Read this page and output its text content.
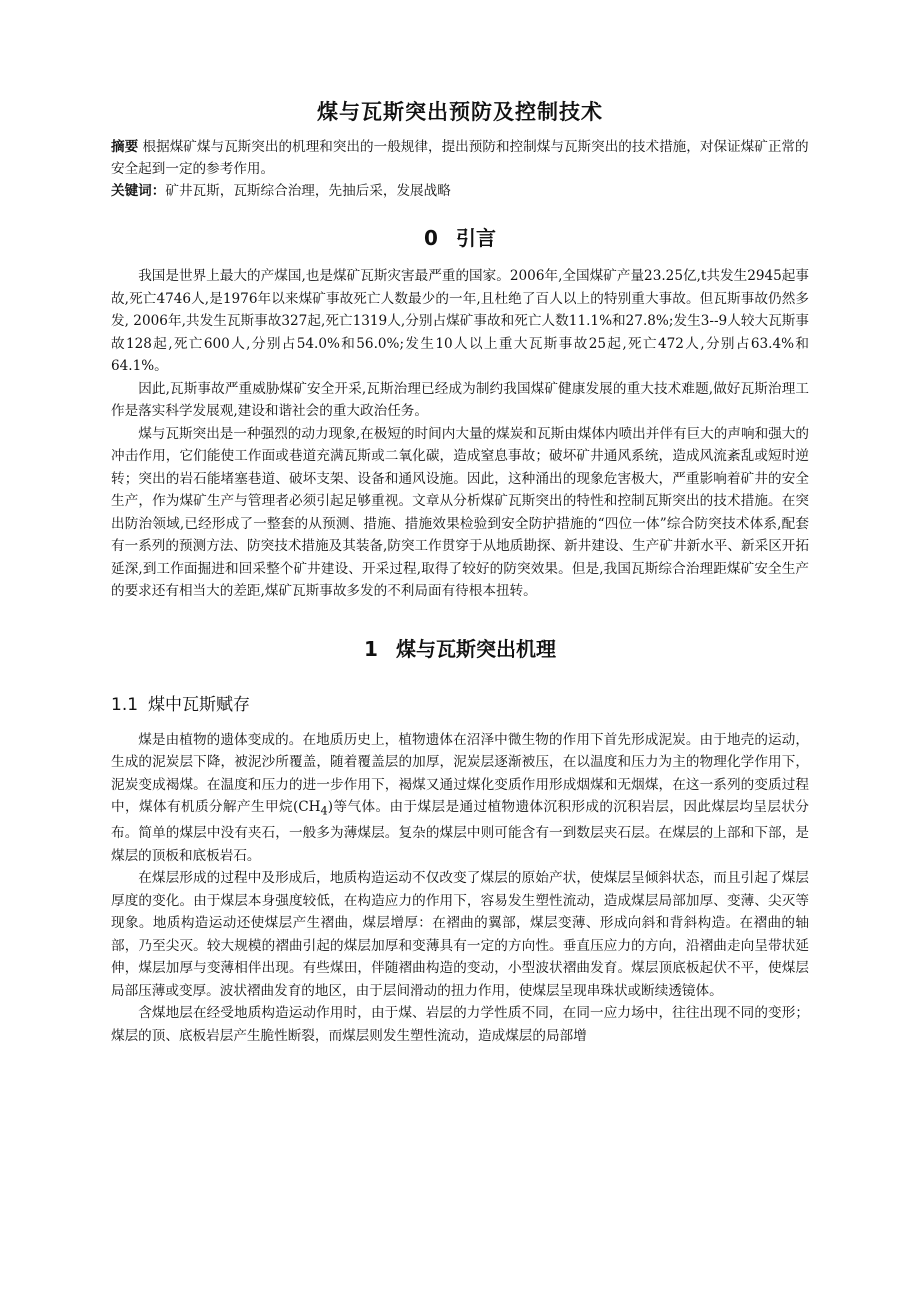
煤与瓦斯突出预防及控制技术

摘要 根据煤矿煤与瓦斯突出的机理和突出的一般规律，提出预防和控制煤与瓦斯突出的技术措施，对保证煤矿正常的安全起到一定的参考作用。

关键词：矿井瓦斯，瓦斯综合治理，先抽后采，发展战略

0 引言

我国是世界上最大的产煤国,也是煤矿瓦斯灾害最严重的国家。2006年,全国煤矿产量23.25亿,t共发生2945起事故,死亡4746人,是1976年以来煤矿事故死亡人数最少的一年,且杜绝了百人以上的特别重大事故。但瓦斯事故仍然多发, 2006年,共发生瓦斯事故327起,死亡1319人,分别占煤矿事故和死亡人数11.1%和27.8%;发生3--9人较大瓦斯事故128起,死亡600人,分别占54.0%和56.0%;发生10人以上重大瓦斯事故25起,死亡472人,分别占63.4%和64.1%。

因此,瓦斯事故严重威胁煤矿安全开采,瓦斯治理已经成为制约我国煤矿健康发展的重大技术难题,做好瓦斯治理工作是落实科学发展观,建设和谐社会的重大政治任务。

煤与瓦斯突出是一种强烈的动力现象,在极短的时间内大量的煤炭和瓦斯由煤体内喷出并伴有巨大的声响和强大的冲击作用，它们能使工作面或巷道充满瓦斯或二氧化碳，造成窒息事故；破坏矿井通风系统，造成风流紊乱或短时逆转；突出的岩石能堵塞巷道、破坏支架、设备和通风设施。因此，这种涌出的现象危害极大，严重影响着矿井的安全生产，作为煤矿生产与管理者必须引起足够重视。文章从分析煤矿瓦斯突出的特性和控制瓦斯突出的技术措施。在突出防治领域,已经形成了一整套的从预测、措施、措施效果检验到安全防护措施的“四位一体”综合防突技术体系,配套有一系列的预测方法、防突技术措施及其装备,防突工作贯穿于从地质勘探、新井建设、生产矿井新水平、新采区开拓延深,到工作面掘进和回采整个矿井建设、开采过程,取得了较好的防突效果。但是,我国瓦斯综合治理距煤矿安全生产的要求还有相当大的差距,煤矿瓦斯事故多发的不利局面有待根本扭转。

1 煤与瓦斯突出机理
1.1 煤中瓦斯赋存

煤是由植物的遗体变成的。在地质历史上，植物遗体在沼泽中微生物的作用下首先形成泥炭。由于地壳的运动，生成的泥炭层下降，被泥沙所覆盖，随着覆盖层的加厚，泥炭层逐渐被压，在以温度和压力为主的物理化学作用下，泥炭变成褐煤。在温度和压力的进一步作用下，褐煤又通过煤化变质作用形成烟煤和无烟煤，在这一系列的变质过程中，煤体有机质分解产生甲烷$(CH_4)$等气体。由于煤层是通过植物遗体沉积形成的沉积岩层，因此煤层均呈层状分布。简单的煤层中没有夹石，一般多为薄煤层。复杂的煤层中则可能含有一到数层夹石层。在煤层的上部和下部，是煤层的顶板和底板岩石。

在煤层形成的过程中及形成后，地质构造运动不仅改变了煤层的原始产状，使煤层呈倾斜状态，而且引起了煤层厚度的变化。由于煤层本身强度较低，在构造应力的作用下，容易发生塑性流动，造成煤层局部加厚、变薄、尖灭等现象。地质构造运动还使煤层产生褶曲，煤层增厚：在褶曲的翼部，煤层变薄、形成向斜和背斜构造。在褶曲的轴部，乃至尖灭。较大规模的褶曲引起的煤层加厚和变薄具有一定的方向性。垂直压应力的方向，沿褶曲走向呈带状延伸，煤层加厚与变薄相伴出现。有些煤田，伴随褶曲构造的变动，小型波状褶曲发育。煤层顶底板起伏不平，使煤层局部压薄或变厚。波状褶曲发育的地区，由于层间滑动的扭力作用，使煤层呈现串珠状或断续透镜体。

含煤地层在经受地质构造运动作用时，由于煤、岩层的力学性质不同，在同一应力场中，往往出现不同的变形；煤层的顶、底板岩层产生脆性断裂，而煤层则发生塑性流动，造成煤层的局部增
